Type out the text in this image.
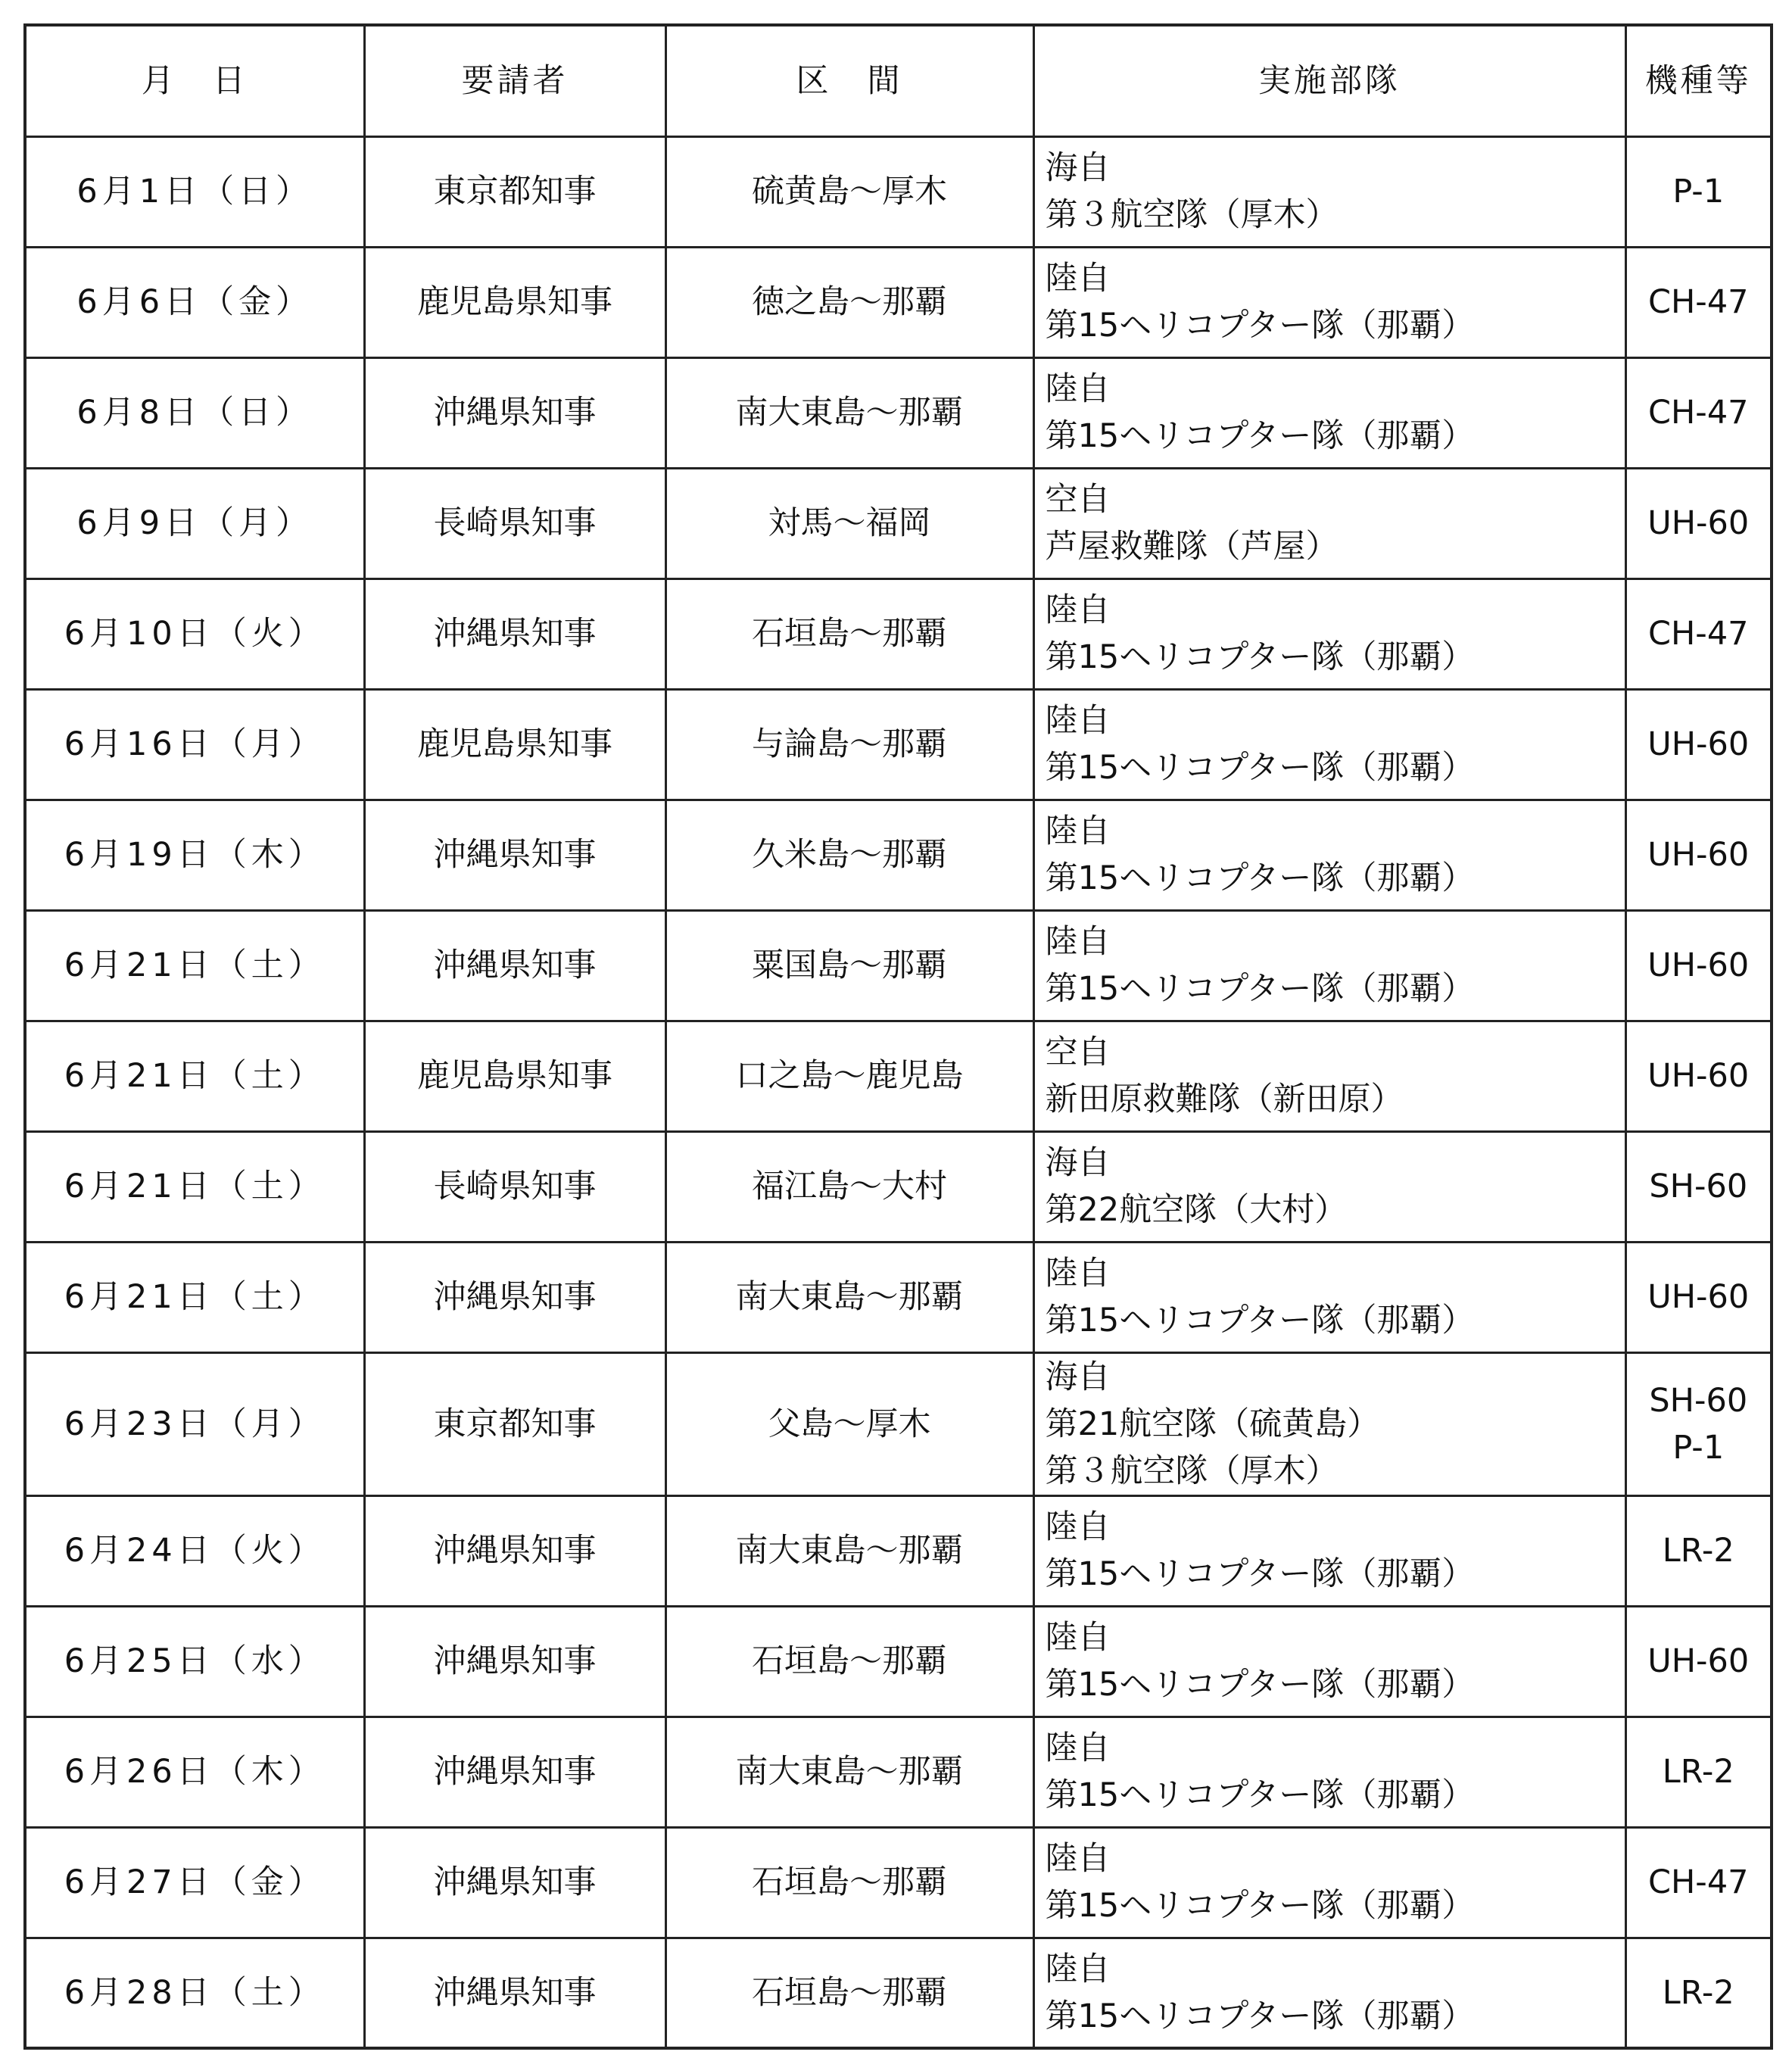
月　日	要請者	区　間	実施部隊	機種等
6月1日（日）	東京都知事	硫黄島～厚木	海自
第３航空隊（厚木）	P-1

6月6日（金）	鹿児島県知事	徳之島～那覇	陸自
第15ヘリコプター隊（那覇）	CH-47

6月8日（日）	沖縄県知事	南大東島～那覇	陸自
第15ヘリコプター隊（那覇）	CH-47

6月9日（月）	長崎県知事	対馬～福岡	空自
芦屋救難隊（芦屋）	UH-60

6月10日（火）	沖縄県知事	石垣島～那覇	陸自
第15ヘリコプター隊（那覇）	CH-47

6月16日（月）	鹿児島県知事	与論島～那覇	陸自
第15ヘリコプター隊（那覇）	UH-60

6月19日（木）	沖縄県知事	久米島～那覇	陸自
第15ヘリコプター隊（那覇）	UH-60

6月21日（土）	沖縄県知事	粟国島～那覇	陸自
第15ヘリコプター隊（那覇）	UH-60

6月21日（土）	鹿児島県知事	口之島～鹿児島	空自
新田原救難隊（新田原）	UH-60

6月21日（土）	長崎県知事	福江島～大村	海自
第22航空隊（大村）	SH-60

6月21日（土）	沖縄県知事	南大東島～那覇	陸自
第15ヘリコプター隊（那覇）	UH-60

6月23日（月）	東京都知事	父島～厚木	海自
第21航空隊（硫黄島）
第３航空隊（厚木）	SH-60
P-1

6月24日（火）	沖縄県知事	南大東島～那覇	陸自
第15ヘリコプター隊（那覇）	LR-2

6月25日（水）	沖縄県知事	石垣島～那覇	陸自
第15ヘリコプター隊（那覇）	UH-60

6月26日（木）	沖縄県知事	南大東島～那覇	陸自
第15ヘリコプター隊（那覇）	LR-2

6月27日（金）	沖縄県知事	石垣島～那覇	陸自
第15ヘリコプター隊（那覇）	CH-47

6月28日（土）	沖縄県知事	石垣島～那覇	陸自
第15ヘリコプター隊（那覇）	LR-2
